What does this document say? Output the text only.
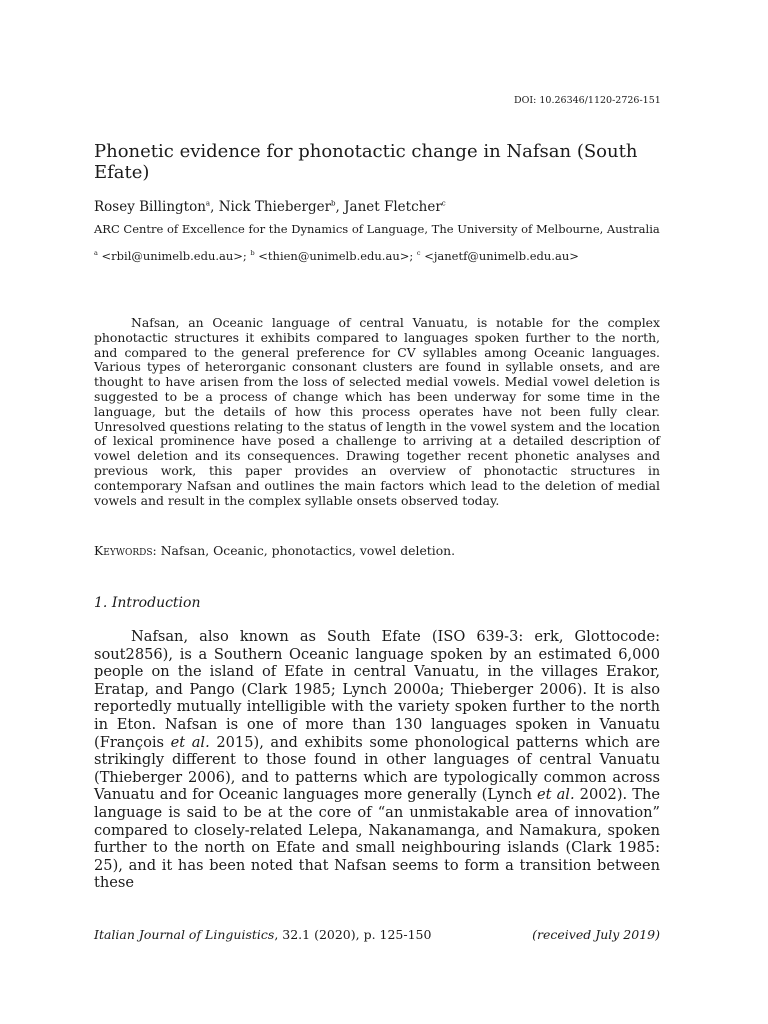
DOI: 10.26346/1120-2726-151
Phonetic evidence for phonotactic change in Nafsan (South Efate)
Rosey Billington$^a$, Nick Thieberger$^b$, Janet Fletcher$^c$
ARC Centre of Excellence for the Dynamics of Language, The University of Melbourne, Australia
$^a$ <rbil@unimelb.edu.au>; $^b$ <thien@unimelb.edu.au>; $^c$ <janetf@unimelb.edu.au>

Nafsan, an Oceanic language of central Vanuatu, is notable for the complex phonotactic structures it exhibits compared to languages spoken further to the north, and compared to the general preference for CV syllables among Oceanic languages. Various types of heterorganic consonant clusters are found in syllable onsets, and are thought to have arisen from the loss of selected medial vowels. Medial vowel deletion is suggested to be a process of change which has been underway for some time in the language, but the details of how this process operates have not been fully clear. Unresolved questions relating to the status of length in the vowel system and the location of lexical prominence have posed a challenge to arriving at a detailed description of vowel deletion and its consequences. Drawing together recent phonetic analyses and previous work, this paper provides an overview of phonotactic structures in contemporary Nafsan and outlines the main factors which lead to the deletion of medial vowels and result in the complex syllable onsets observed today.

Keywords: Nafsan, Oceanic, phonotactics, vowel deletion.
1. Introduction

Nafsan, also known as South Efate (ISO 639-3: erk, Glottocode: sout2856), is a Southern Oceanic language spoken by an estimated 6,000 people on the island of Efate in central Vanuatu, in the villages Erakor, Eratap, and Pango (Clark 1985; Lynch 2000a; Thieberger 2006). It is also reportedly mutually intelligible with the variety spoken further to the north in Eton. Nafsan is one of more than 130 languages spoken in Vanuatu (François et al. 2015), and exhibits some phonological patterns which are strikingly different to those found in other languages of central Vanuatu (Thieberger 2006), and to patterns which are typologically common across Vanuatu and for Oceanic languages more generally (Lynch et al. 2002). The language is said to be at the core of “an unmistakable area of innovation” compared to closely-related Lelepa, Nakanamanga, and Namakura, spoken further to the north on Efate and small neighbouring islands (Clark 1985: 25), and it has been noted that Nafsan seems to form a transition between these

Italian Journal of Linguistics, 32.1 (2020), p. 125-150	(received July 2019)
